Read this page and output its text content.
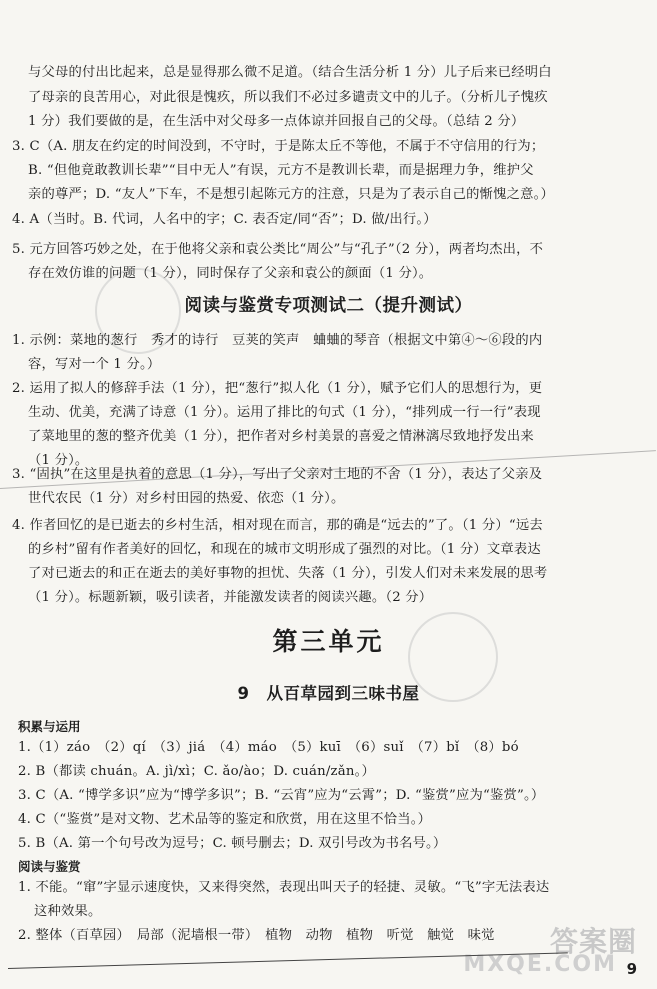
与父母的付出比起来，总是显得那么微不足道。（结合生活分析 1 分）儿子后来已经明白
了母亲的良苦用心，对此很是愧疚，所以我们不必过多谴责文中的儿子。（分析儿子愧疚
1 分）我们要做的是，在生活中对父母多一点体谅并回报自己的父母。（总结 2 分）
3. C（A. 朋友在约定的时间没到，不守时，于是陈太丘不等他，不属于不守信用的行为；
B. “但他竟敢教训长辈”“目中无人”有误，元方不是教训长辈，而是据理力争，维护父
亲的尊严；D. “友人”下车，不是想引起陈元方的注意，只是为了表示自己的惭愧之意。）
4. A（当时。B. 代词，人名中的字；C. 表否定/同“否”；D. 做/出行。）
5. 元方回答巧妙之处，在于他将父亲和袁公类比“周公”与“孔子”（2 分），两者均杰出，不
存在效仿谁的问题（1 分），同时保存了父亲和袁公的颜面（1 分）。
阅读与鉴赏专项测试二（提升测试）
1. 示例：菜地的葱行　秀才的诗行　豆荚的笑声　蛐蛐的琴音（根据文中第④～⑥段的内
容，写对一个 1 分。）
2. 运用了拟人的修辞手法（1 分），把“葱行”拟人化（1 分），赋予它们人的思想行为，更
生动、优美，充满了诗意（1 分）。运用了排比的句式（1 分），“排列成一行一行”表现
了菜地里的葱的整齐优美（1 分），把作者对乡村美景的喜爱之情淋漓尽致地抒发出来
（1 分）。
3. “固执”在这里是执着的意思（1 分），写出了父亲对土地的不舍（1 分），表达了父亲及
世代农民（1 分）对乡村田园的热爱、依恋（1 分）。
4. 作者回忆的是已逝去的乡村生活，相对现在而言，那的确是“远去的”了。（1 分）“远去
的乡村”留有作者美好的回忆，和现在的城市文明形成了强烈的对比。（1 分）文章表达
了对已逝去的和正在逝去的美好事物的担忧、失落（1 分），引发人们对未来发展的思考
（1 分）。标题新颖，吸引读者，并能激发读者的阅读兴趣。（2 分）
第三单元
9　从百草园到三味书屋
积累与运用
1.（1）záo　（2）qí　（3）jiá　（4）máo　（5）kuī　（6）suǐ　（7）bǐ　（8）bó
2. B（都读 chuán。A. jì/xì；C. ǎo/ào；D. cuán/zǎn。）
3. C（A. “博学多识”应为“博学多识”；B. “云宵”应为“云霄”；D. “鉴赏”应为“鉴赏”。）
4. C（“鉴赏”是对文物、艺术品等的鉴定和欣赏，用在这里不恰当。）
5. B（A. 第一个句号改为逗号；C. 顿号删去；D. 双引号改为书名号。）
阅读与鉴赏
1. 不能。“窜”字显示速度快，又来得突然，表现出叫天子的轻捷、灵敏。“飞”字无法表达
这种效果。
2. 整体（百草园）　局部（泥墙根一带）　植物　动物　植物　听觉　触觉　味觉 答案圈
MXQE.COM 9
